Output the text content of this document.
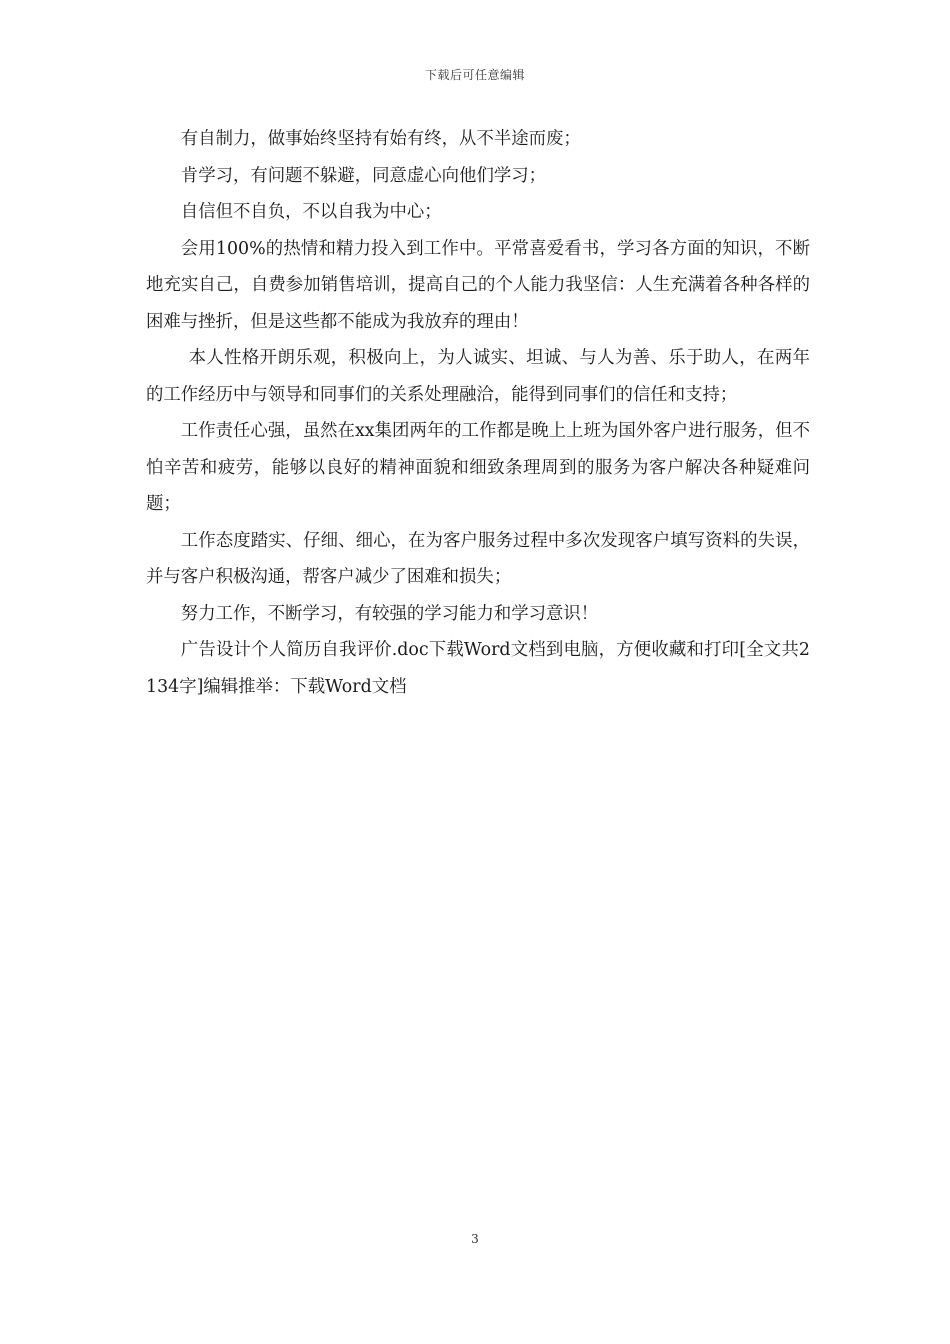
下载后可任意编辑

有自制力，做事始终坚持有始有终，从不半途而废；

肯学习，有问题不躲避，同意虚心向他们学习；

自信但不自负，不以自我为中心；

会用100%的热情和精力投入到工作中。平常喜爱看书，学习各方面的知识，不断地充实自己，自费参加销售培训，提高自己的个人能力我坚信：人生充满着各种各样的困难与挫折，但是这些都不能成为我放弃的理由！

本人性格开朗乐观，积极向上，为人诚实、坦诚、与人为善、乐于助人，在两年的工作经历中与领导和同事们的关系处理融洽，能得到同事们的信任和支持；

工作责任心强，虽然在xx集团两年的工作都是晚上上班为国外客户进行服务，但不怕辛苦和疲劳，能够以良好的精神面貌和细致条理周到的服务为客户解决各种疑难问题；

工作态度踏实、仔细、细心，在为客户服务过程中多次发现客户填写资料的失误，并与客户积极沟通，帮客户减少了困难和损失；

努力工作，不断学习，有较强的学习能力和学习意识！

广告设计个人简历自我评价.doc下载Word文档到电脑，方便收藏和打印[全文共2134字]编辑推举：下载Word文档

3
